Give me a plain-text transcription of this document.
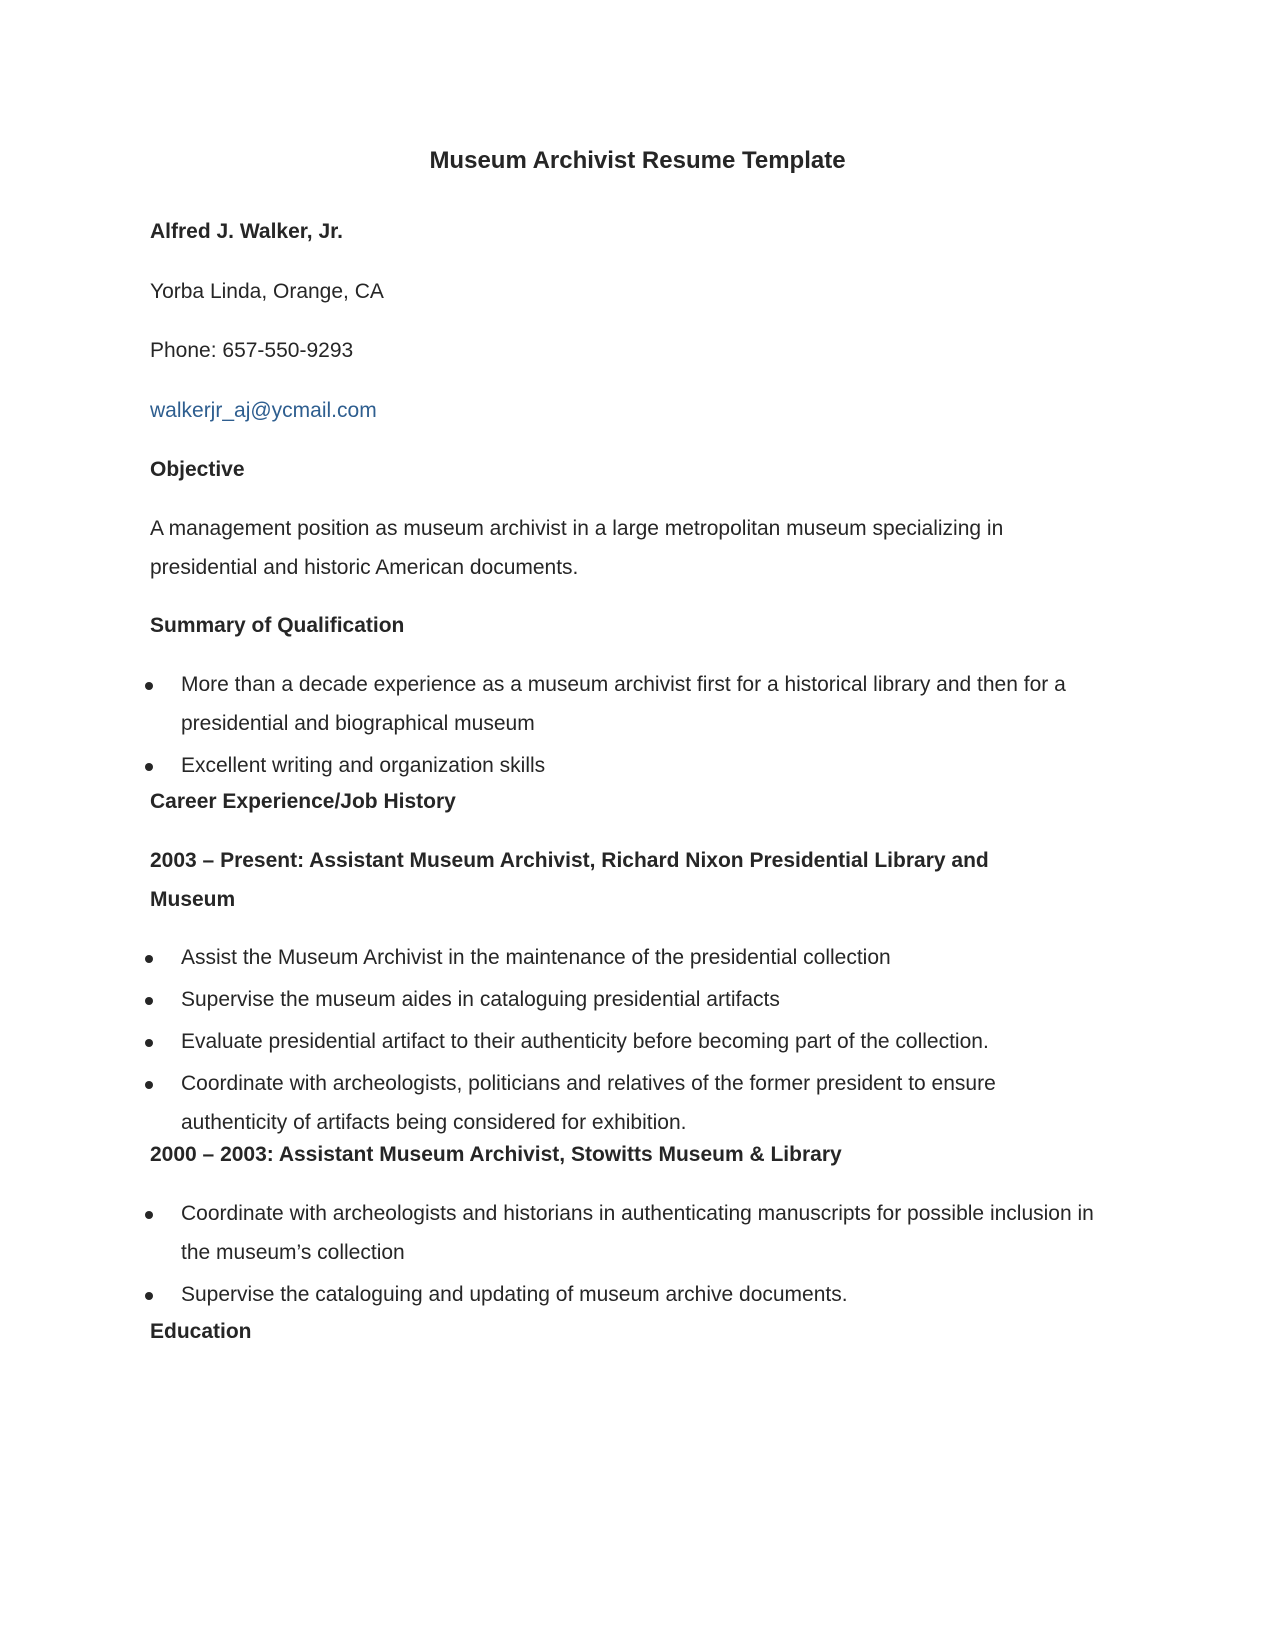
Museum Archivist Resume Template

Alfred J. Walker, Jr.

Yorba Linda, Orange, CA

Phone: 657-550-9293

walkerjr_aj@ycmail.com
Objective

A management position as museum archivist in a large metropolitan museum specializing in presidential and historic American documents.

Summary of Qualification
More than a decade experience as a museum archivist first for a historical library and then for a presidential and biographical museum
Excellent writing and organization skills
Career Experience/Job History
2003 – Present: Assistant Museum Archivist, Richard Nixon Presidential Library and Museum
Assist the Museum Archivist in the maintenance of the presidential collection
Supervise the museum aides in cataloguing presidential artifacts
Evaluate presidential artifact to their authenticity before becoming part of the collection.
Coordinate with archeologists, politicians and relatives of the former president to ensure authenticity of artifacts being considered for exhibition.
2000 – 2003: Assistant Museum Archivist, Stowitts Museum & Library
Coordinate with archeologists and historians in authenticating manuscripts for possible inclusion in the museum’s collection
Supervise the cataloguing and updating of museum archive documents.
Education
